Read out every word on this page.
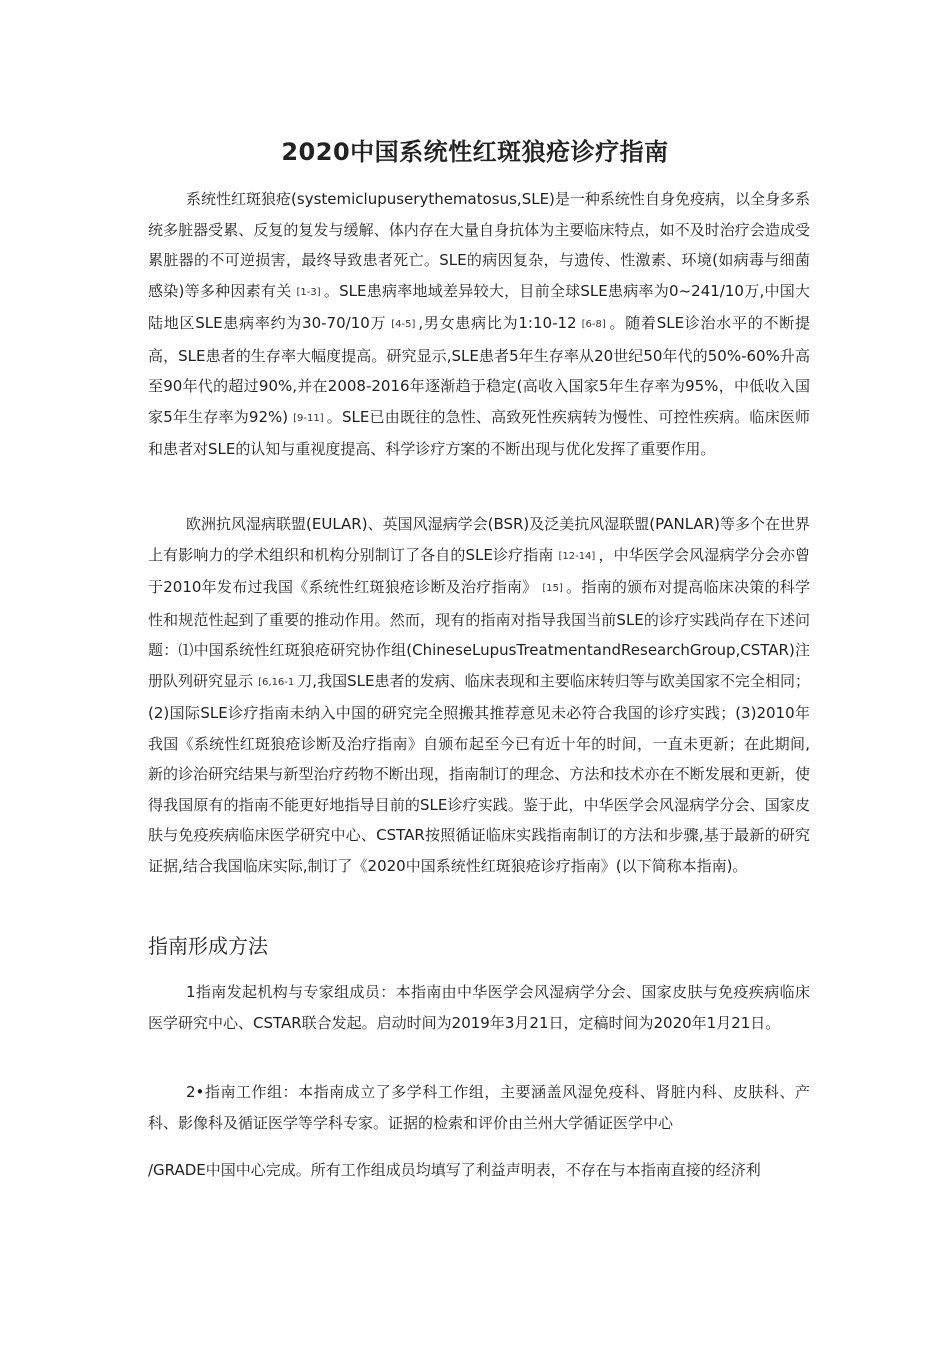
2020中国系统性红斑狼疮诊疗指南

系统性红斑狼疮(systemiclupuserythematosus,SLE)是一种系统性自身免疫病，以全身多系统多脏器受累、反复的复发与缓解、体内存在大量自身抗体为主要临床特点，如不及时治疗会造成受累脏器的不可逆损害，最终导致患者死亡。SLE的病因复杂，与遗传、性激素、环境(如病毒与细菌感染)等多种因素有关 [1-3] 。SLE患病率地域差异较大，目前全球SLE患病率为0~241/10万,中国大陆地区SLE患病率约为30-70/10万 [4-5] ,男女患病比为1:10-12 [6-8] 。随着SLE诊治水平的不断提高，SLE患者的生存率大幅度提高。研究显示,SLE患者5年生存率从20世纪50年代的50%-60%升高至90年代的超过90%,并在2008-2016年逐渐趋于稳定(高收入国家5年生存率为95%，中低收入国家5年生存率为92%) [9-11] 。SLE已由既往的急性、高致死性疾病转为慢性、可控性疾病。临床医师和患者对SLE的认知与重视度提高、科学诊疗方案的不断出现与优化发挥了重要作用。

欧洲抗风湿病联盟(EULAR)、英国风湿病学会(BSR)及泛美抗风湿联盟(PANLAR)等多个在世界上有影响力的学术组织和机构分别制订了各自的SLE诊疗指南 [12-14] ，中华医学会风湿病学分会亦曾于2010年发布过我国《系统性红斑狼疮诊断及治疗指南》 [15] 。指南的颁布对提高临床决策的科学性和规范性起到了重要的推动作用。然而，现有的指南对指导我国当前SLE的诊疗实践尚存在下述问题：⑴中国系统性红斑狼疮研究协作组(ChineseLupusTreatmentandResearchGroup,CSTAR)注册队列研究显示 [6,16-1 刀,我国SLE患者的发病、临床表现和主要临床转归等与欧美国家不完全相同；(2)国际SLE诊疗指南未纳入中国的研究完全照搬其推荐意见未必符合我国的诊疗实践；(3)2010年我国《系统性红斑狼疮诊断及治疗指南》自颁布起至今已有近十年的时间，一直未更新；在此期间,新的诊治研究结果与新型治疗药物不断出现，指南制订的理念、方法和技术亦在不断发展和更新，使得我国原有的指南不能更好地指导目前的SLE诊疗实践。鉴于此，中华医学会风湿病学分会、国家皮肤与免疫疾病临床医学研究中心、CSTAR按照循证临床实践指南制订的方法和步骤,基于最新的研究证据,结合我国临床实际,制订了《2020中国系统性红斑狼疮诊疗指南》(以下简称本指南)。

指南形成方法

1指南发起机构与专家组成员：本指南由中华医学会风湿病学分会、国家皮肤与免疫疾病临床医学研究中心、CSTAR联合发起。启动时间为2019年3月21日，定稿时间为2020年1月21日。

2•指南工作组：本指南成立了多学科工作组，主要涵盖风湿免疫科、肾脏内科、皮肤科、产科、影像科及循证医学等学科专家。证据的检索和评价由兰州大学循证医学中心

/GRADE中国中心完成。所有工作组成员均填写了利益声明表，不存在与本指南直接的经济利
